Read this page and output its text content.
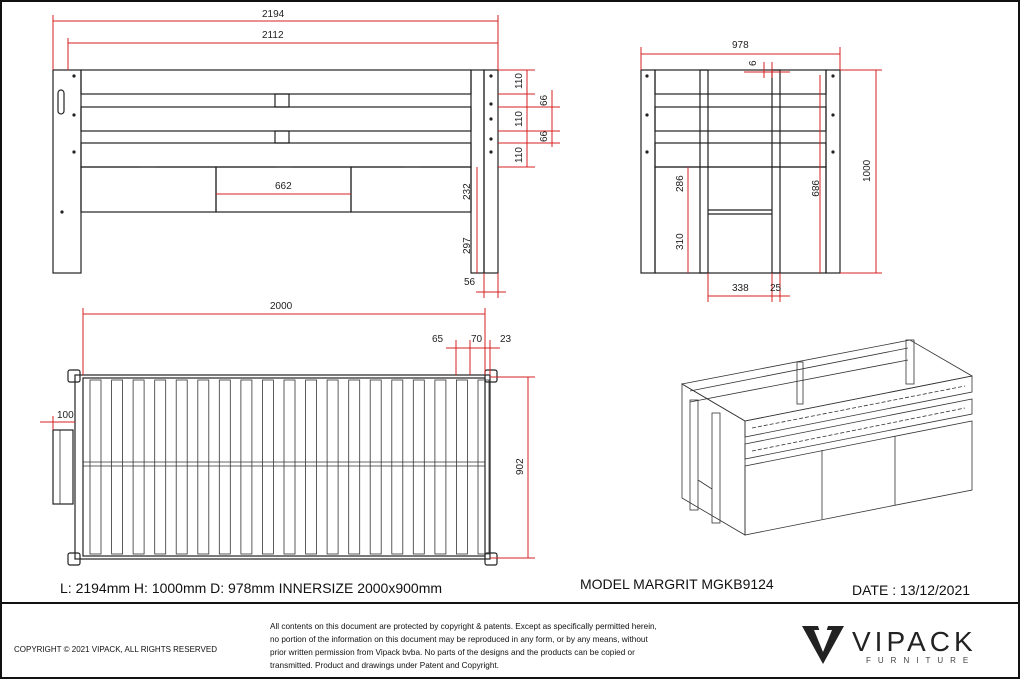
2194
2112
110
66
110
66
110
662	232
297
56
978
6
286
310
989
1000
338 25
2000
65	70 23
100
902
L: 2194mm H: 1000mm D: 978mm INNERSIZE 2000x900mm	MODEL MARGRIT MGKB9124	DATE : 13/12/2021
COPYRIGHT © 2021 VIPACK, ALL RIGHTS RESERVED
All contents on this document are protected by copyright & patents. Except as specifically permitted herein,
no portion of the information on this document may be reproduced in any form, or by any means, without
prior written permission from Vipack bvba. No parts of the designs and the products can be copied or
transmitted. Product and drawings under Patent and Copyright.
VIPACK
FURNITURE
